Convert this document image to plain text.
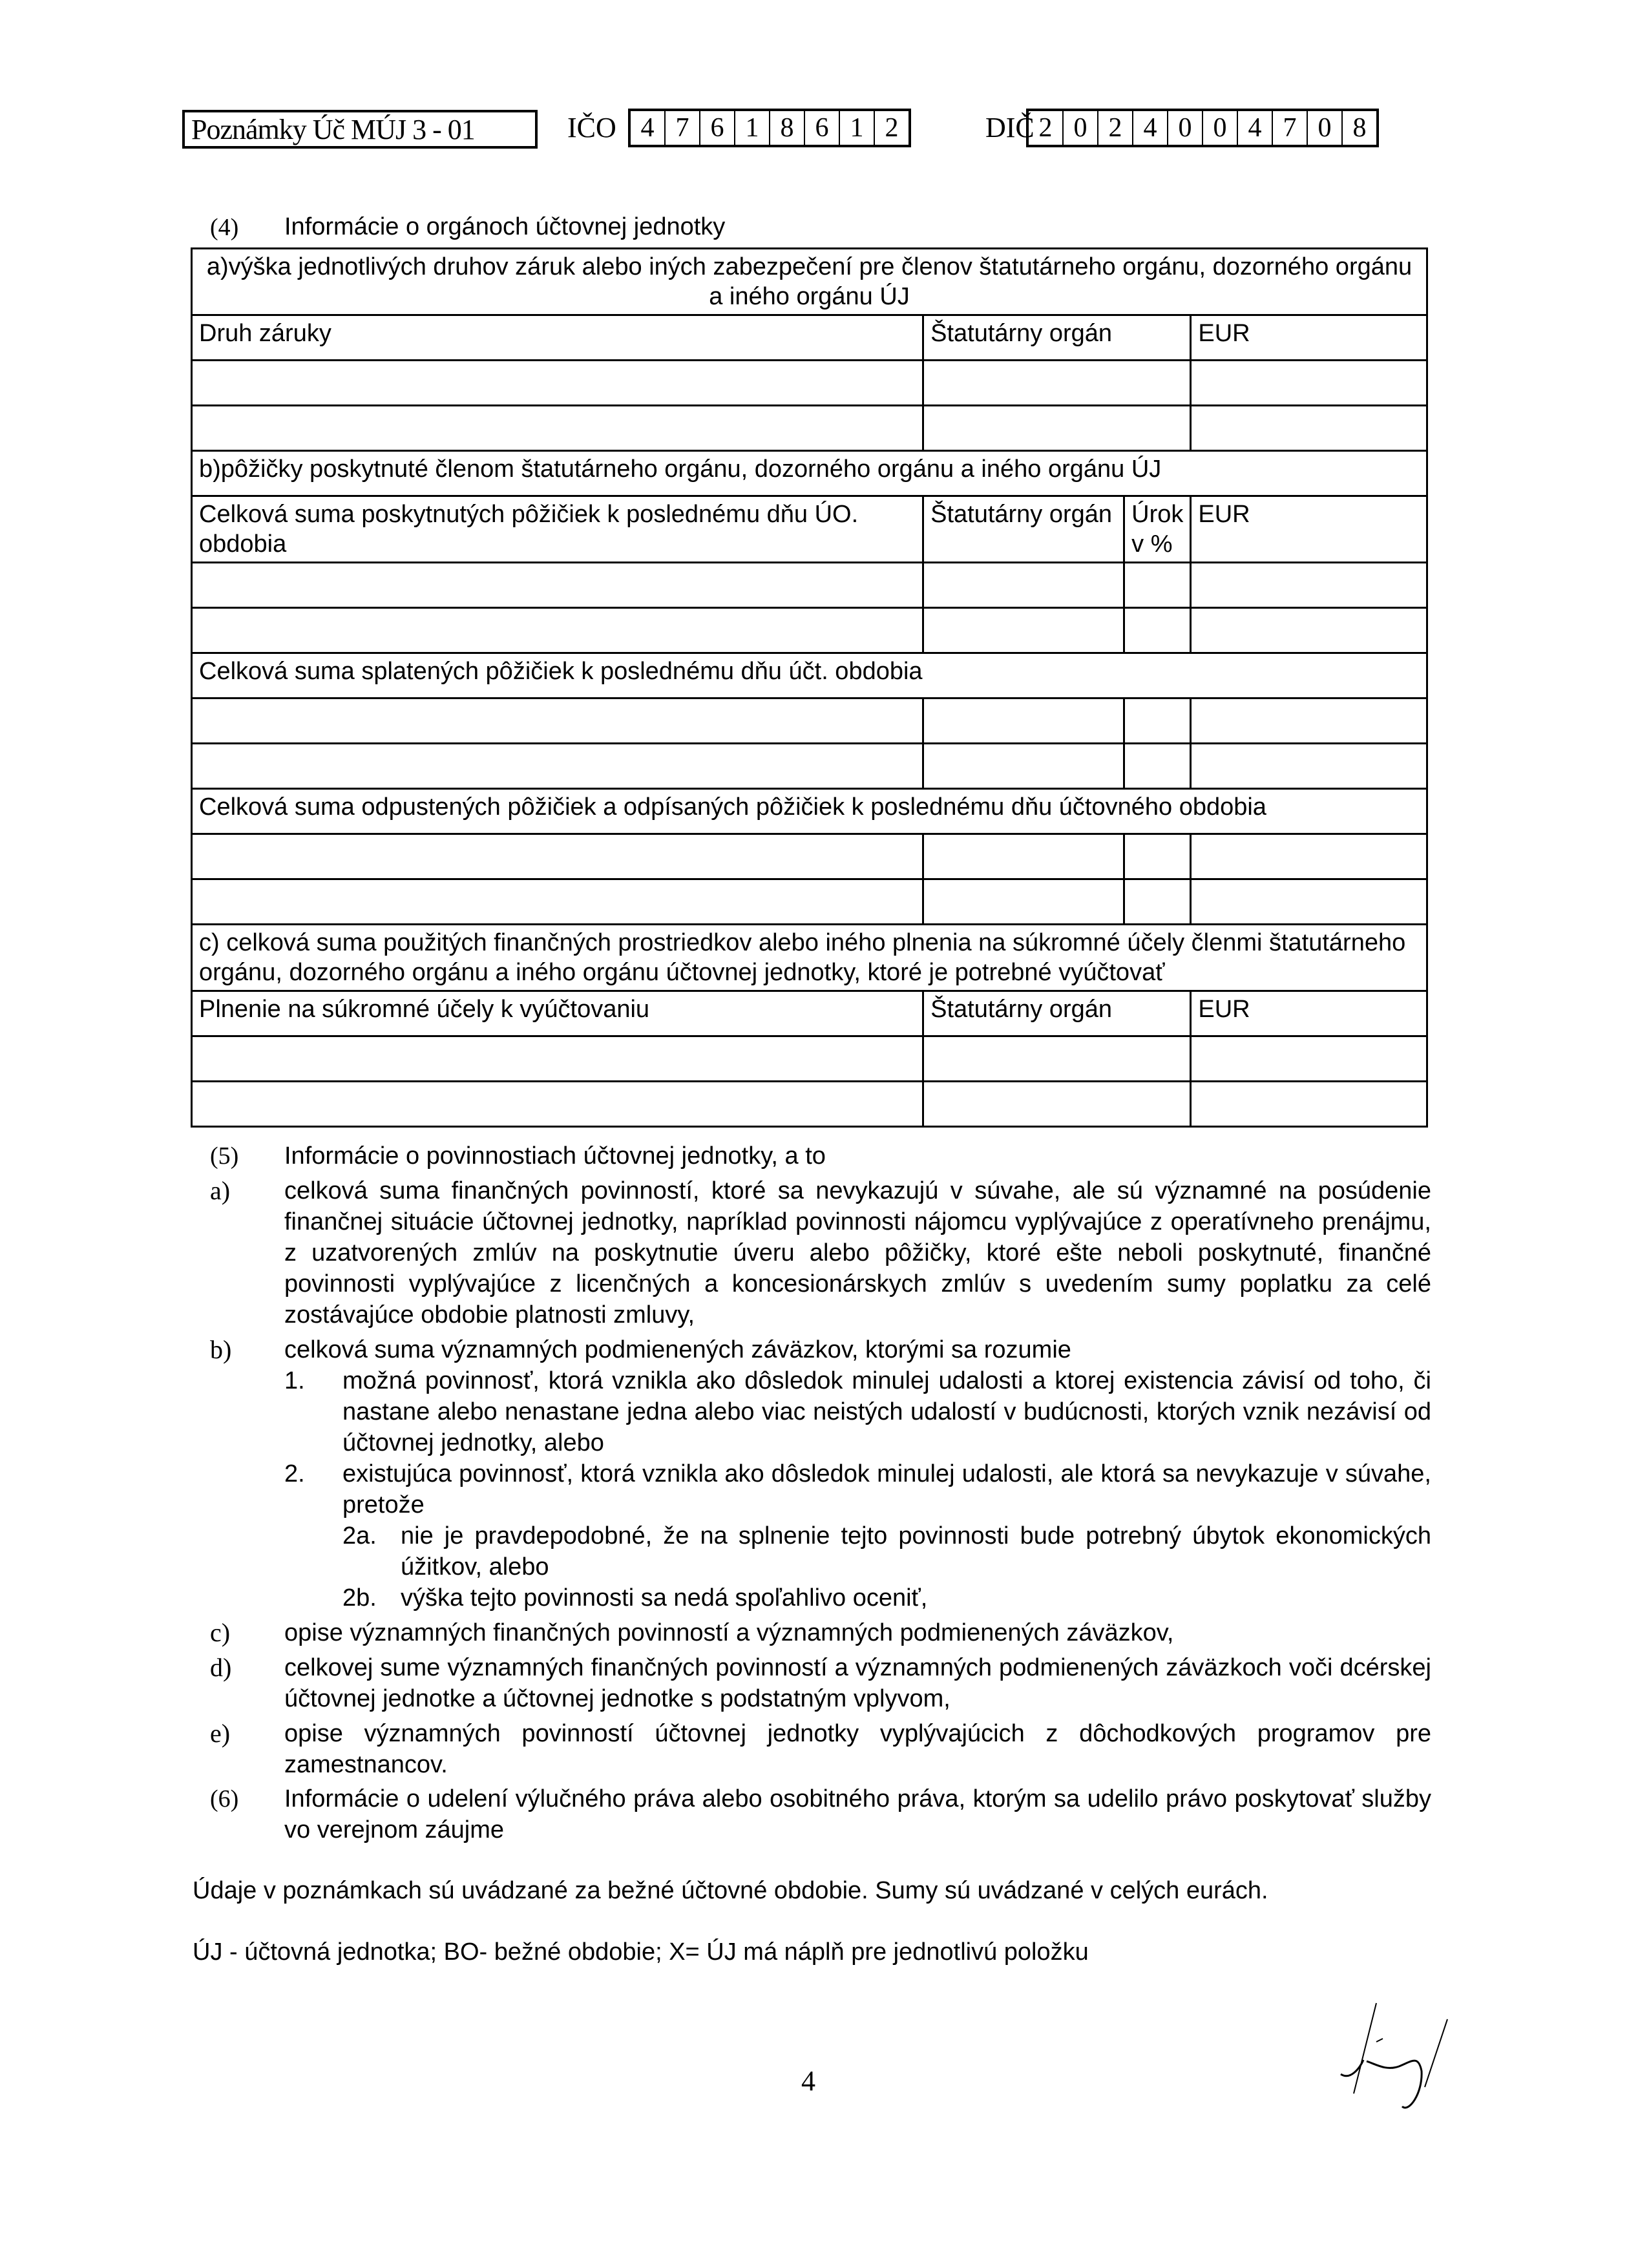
Poznámky Úč MÚJ 3 - 01	IČO 4 7 6 1 8 6 1 2	DIČ 2 0 2 4 0 0 4 7 0 8
(4)	Informácie o orgánoch účtovnej jednotky
a)výška jednotlivých druhov záruk alebo iných zabezpečení pre členov štatutárneho orgánu, dozorného orgánu a iného orgánu ÚJ			
Druh záruky	Štatutárny orgán		EUR

b)pôžičky poskytnuté členom štatutárneho orgánu, dozorného orgánu a iného orgánu ÚJ			
Celková suma poskytnutých pôžičiek k poslednému dňu ÚO. obdobia	Štatutárny orgán	Úrok v %	EUR

Celková suma splatených pôžičiek k poslednému dňu účt. obdobia			

Celková suma odpustených pôžičiek a odpísaných pôžičiek k poslednému dňu účtovného obdobia			

c) celková suma použitých finančných prostriedkov alebo iného plnenia na súkromné účely členmi štatutárneho orgánu, dozorného orgánu a iného orgánu účtovnej jednotky, ktoré je potrebné vyúčtovať			
Plnenie na súkromné účely k vyúčtovaniu	Štatutárny orgán		EUR

(5)	Informácie o povinnostiach účtovnej jednotky, a to
a)	celková suma finančných povinností, ktoré sa nevykazujú v súvahe, ale sú významné na posúdenie finančnej situácie účtovnej jednotky, napríklad povinnosti nájomcu vyplývajúce z operatívneho prenájmu, z uzatvorených zmlúv na poskytnutie úveru alebo pôžičky, ktoré ešte neboli poskytnuté, finančné povinnosti vyplývajúce z licenčných a koncesionárskych zmlúv s uvedením sumy poplatku za celé zostávajúce obdobie platnosti zmluvy,
b)	celková suma významných podmienených záväzkov, ktorými sa rozumie
1.	možná povinnosť, ktorá vznikla ako dôsledok minulej udalosti a ktorej existencia závisí od toho, či nastane alebo nenastane jedna alebo viac neistých udalostí v budúcnosti, ktorých vznik nezávisí od účtovnej jednotky, alebo
2.	existujúca povinnosť, ktorá vznikla ako dôsledok minulej udalosti, ale ktorá sa nevykazuje v súvahe, pretože
2a. nie je pravdepodobné, že na splnenie tejto povinnosti bude potrebný úbytok ekonomických úžitkov, alebo
2b. výška tejto povinnosti sa nedá spoľahlivo oceniť,
c)	opise významných finančných povinností a významných podmienených záväzkov,
d)	celkovej sume významných finančných povinností a významných podmienených záväzkoch voči dcérskej účtovnej jednotke a účtovnej jednotke s podstatným vplyvom,
e)	opise významných povinností účtovnej jednotky vyplývajúcich z dôchodkových programov pre zamestnancov.
(6)	Informácie o udelení výlučného práva alebo osobitného práva, ktorým sa udelilo právo poskytovať služby vo verejnom záujme
Údaje v poznámkach sú uvádzané za bežné účtovné obdobie. Sumy sú uvádzané v celých eurách.
ÚJ - účtovná jednotka; BO- bežné obdobie; X= ÚJ má náplň pre jednotlivú položku
4
